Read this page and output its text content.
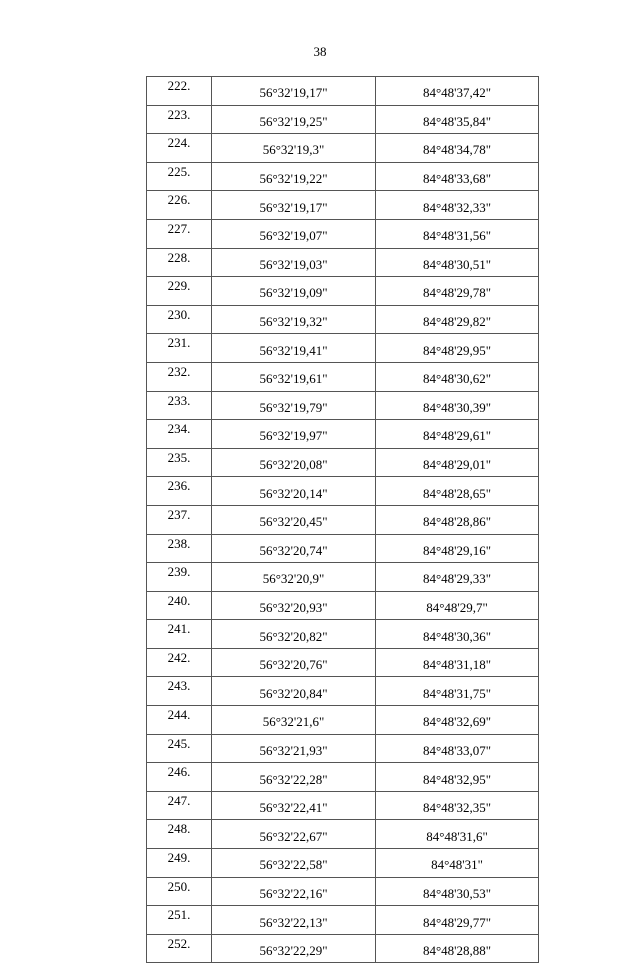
38
222.	56°32'19,17"	84°48'37,42"
223.	56°32'19,25"	84°48'35,84"
224.	56°32'19,3"	84°48'34,78"
225.	56°32'19,22"	84°48'33,68"
226.	56°32'19,17"	84°48'32,33"
227.	56°32'19,07"	84°48'31,56"
228.	56°32'19,03"	84°48'30,51"
229.	56°32'19,09"	84°48'29,78"
230.	56°32'19,32"	84°48'29,82"
231.	56°32'19,41"	84°48'29,95"
232.	56°32'19,61"	84°48'30,62"
233.	56°32'19,79"	84°48'30,39"
234.	56°32'19,97"	84°48'29,61"
235.	56°32'20,08"	84°48'29,01"
236.	56°32'20,14"	84°48'28,65"
237.	56°32'20,45"	84°48'28,86"
238.	56°32'20,74"	84°48'29,16"
239.	56°32'20,9"	84°48'29,33"
240.	56°32'20,93"	84°48'29,7"
241.	56°32'20,82"	84°48'30,36"
242.	56°32'20,76"	84°48'31,18"
243.	56°32'20,84"	84°48'31,75"
244.	56°32'21,6"	84°48'32,69"
245.	56°32'21,93"	84°48'33,07"
246.	56°32'22,28"	84°48'32,95"
247.	56°32'22,41"	84°48'32,35"
248.	56°32'22,67"	84°48'31,6"
249.	56°32'22,58"	84°48'31"
250.	56°32'22,16"	84°48'30,53"
251.	56°32'22,13"	84°48'29,77"
252.	56°32'22,29"	84°48'28,88"
